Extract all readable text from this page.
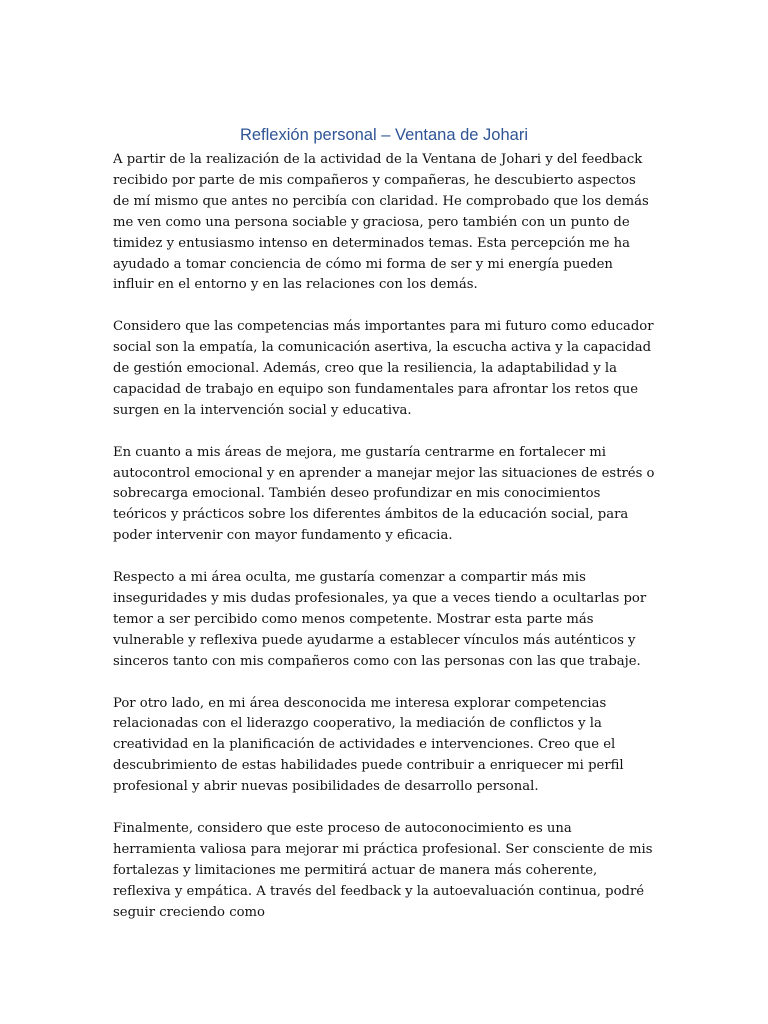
Reflexión personal – Ventana de Johari

A partir de la realización de la actividad de la Ventana de Johari y del feedback recibido por parte de mis compañeros y compañeras, he descubierto aspectos de mí mismo que antes no percibía con claridad. He comprobado que los demás me ven como una persona sociable y graciosa, pero también con un punto de timidez y entusiasmo intenso en determinados temas. Esta percepción me ha ayudado a tomar conciencia de cómo mi forma de ser y mi energía pueden influir en el entorno y en las relaciones con los demás.

Considero que las competencias más importantes para mi futuro como educador social son la empatía, la comunicación asertiva, la escucha activa y la capacidad de gestión emocional. Además, creo que la resiliencia, la adaptabilidad y la capacidad de trabajo en equipo son fundamentales para afrontar los retos que surgen en la intervención social y educativa.

En cuanto a mis áreas de mejora, me gustaría centrarme en fortalecer mi autocontrol emocional y en aprender a manejar mejor las situaciones de estrés o sobrecarga emocional. También deseo profundizar en mis conocimientos teóricos y prácticos sobre los diferentes ámbitos de la educación social, para poder intervenir con mayor fundamento y eficacia.

Respecto a mi área oculta, me gustaría comenzar a compartir más mis inseguridades y mis dudas profesionales, ya que a veces tiendo a ocultarlas por temor a ser percibido como menos competente. Mostrar esta parte más vulnerable y reflexiva puede ayudarme a establecer vínculos más auténticos y sinceros tanto con mis compañeros como con las personas con las que trabaje.

Por otro lado, en mi área desconocida me interesa explorar competencias relacionadas con el liderazgo cooperativo, la mediación de conflictos y la creatividad en la planificación de actividades e intervenciones. Creo que el descubrimiento de estas habilidades puede contribuir a enriquecer mi perfil profesional y abrir nuevas posibilidades de desarrollo personal.

Finalmente, considero que este proceso de autoconocimiento es una herramienta valiosa para mejorar mi práctica profesional. Ser consciente de mis fortalezas y limitaciones me permitirá actuar de manera más coherente, reflexiva y empática. A través del feedback y la autoevaluación continua, podré seguir creciendo como
